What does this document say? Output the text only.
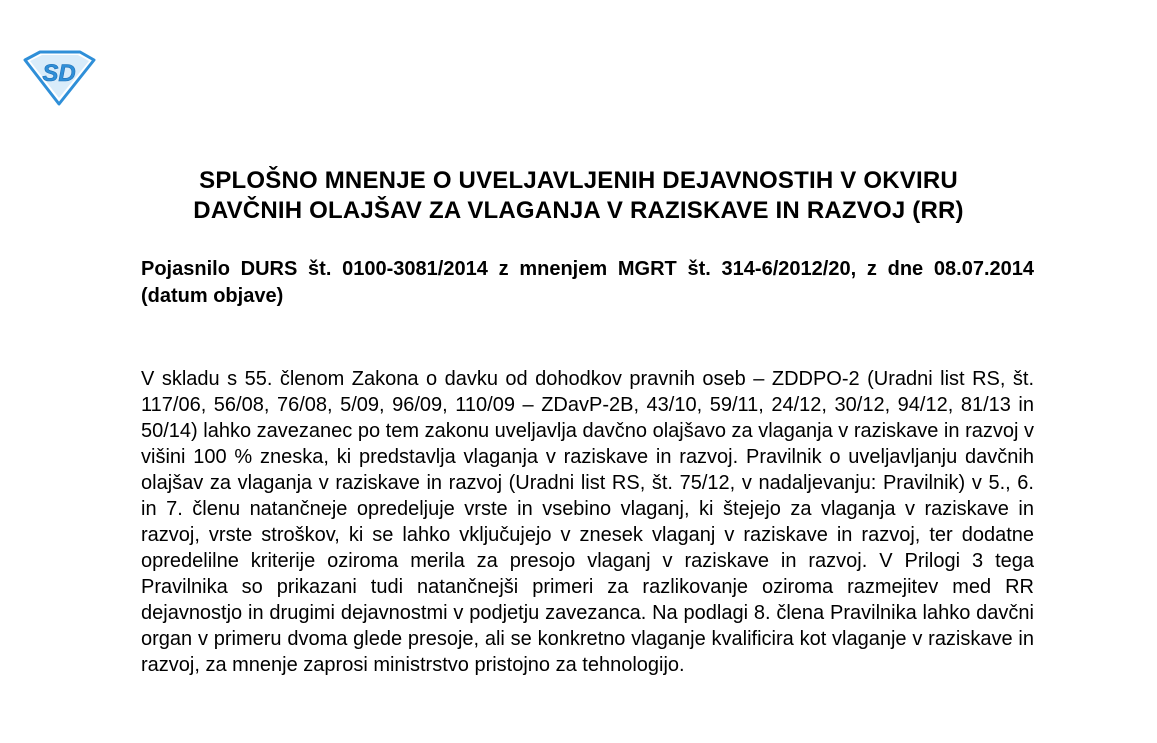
SD
SPLOŠNO MNENJE O UVELJAVLJENIH DEJAVNOSTIH V OKVIRU
DAVČNIH OLAJŠAV ZA VLAGANJA V RAZISKAVE IN RAZVOJ (RR)

Pojasnilo DURS št. 0100-3081/2014 z mnenjem MGRT št. 314-6/2012/20, z dne 08.07.2014 (datum objave)

V skladu s 55. členom Zakona o davku od dohodkov pravnih oseb – ZDDPO-2 (Uradni list RS, št. 117/06, 56/08, 76/08, 5/09, 96/09, 110/09 – ZDavP-2B, 43/10, 59/11, 24/12, 30/12, 94/12, 81/13 in 50/14) lahko zavezanec po tem zakonu uveljavlja davčno olajšavo za vlaganja v raziskave in razvoj v višini 100 % zneska, ki predstavlja vlaganja v raziskave in razvoj. Pravilnik o uveljavljanju davčnih olajšav za vlaganja v raziskave in razvoj (Uradni list RS, št. 75/12, v nadaljevanju: Pravilnik) v 5., 6. in 7. členu natančneje opredeljuje vrste in vsebino vlaganj, ki štejejo za vlaganja v raziskave in razvoj, vrste stroškov, ki se lahko vključujejo v znesek vlaganj v raziskave in razvoj, ter dodatne opredelilne kriterije oziroma merila za presojo vlaganj v raziskave in razvoj. V Prilogi 3 tega Pravilnika so prikazani tudi natančnejši primeri za razlikovanje oziroma razmejitev med RR dejavnostjo in drugimi dejavnostmi v podjetju zavezanca. Na podlagi 8. člena Pravilnika lahko davčni organ v primeru dvoma glede presoje, ali se konkretno vlaganje kvalificira kot vlaganje v raziskave in razvoj, za mnenje zaprosi ministrstvo pristojno za tehnologijo.
